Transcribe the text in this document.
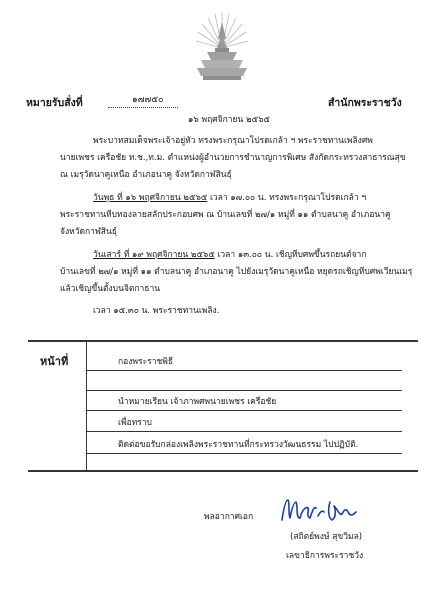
หมายรับสั่งที่	๑๗๗๕๐	สำนักพระราชวัง
๑๖ พฤศจิกายน ๒๕๖๕
พระบาทสมเด็จพระเจ้าอยู่หัว ทรงพระกรุณาโปรดเกล้า ฯ พระราชทานเพลิงศพ
นายเพชร เครือชัย ท.ช.,ท.ม. ตำแหน่งผู้อำนวยการชำนาญการพิเศษ สังกัดกระทรวงสาธารณสุข
ณ เมรุวัดนาคูเหนือ อำเภอนาคู จังหวัดกาฬสินธุ์
วันพุธ ที่ ๑๖ พฤศจิกายน ๒๕๖๕ เวลา ๑๗.๐๐ น. ทรงพระกรุณาโปรดเกล้า ฯ
พระราชทานหีบทองลายสลักประกอบศพ ณ บ้านเลขที่ ๒๗/๑ หมู่ที่ ๑๑ ตำบลนาคู อำเภอนาคู
จังหวัดกาฬสินธุ์
วันเสาร์ ที่ ๑๙ พฤศจิกายน ๒๕๖๕ เวลา ๑๓.๐๐ น. เชิญหีบศพขึ้นรถยนต์จาก
บ้านเลขที่ ๒๗/๑ หมู่ที่ ๑๑ ตำบลนาคู อำเภอนาคู ไปยังเมรุวัดนาคูเหนือ หยุดรถเชิญหีบศพเวียนเมรุ
แล้วเชิญขึ้นตั้งบนจิตกาธาน
เวลา ๑๕.๓๐ น. พระราชทานเพลิง.
หน้าที่	กองพระราชพิธี
นำหมายเรียน เจ้าภาพศพนายเพชร เครือชัย
เพื่อทราบ
ติดต่อขอรับกล่องเพลิงพระราชทานที่กระทรวงวัฒนธรรม ไปปฏิบัติ.
พลอากาศเอก
(สถิตย์พงษ์ สุขวิมล)
เลขาธิการพระราชวัง
